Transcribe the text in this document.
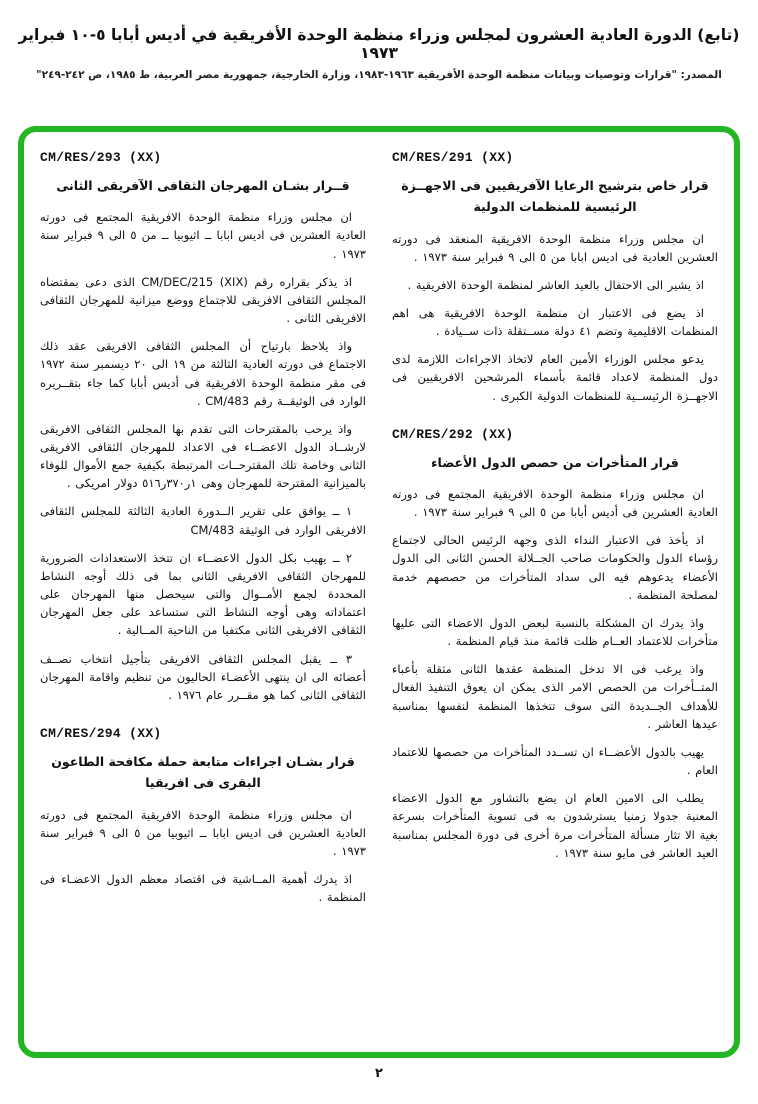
(تابع) الدورة العادية العشرون لمجلس وزراء منظمة الوحدة الأفريقية في أديس أبابا ٥-١٠ فبراير ١٩٧٣
المصدر: "قرارات وتوصيات وبيانات منظمة الوحدة الأفريقية ١٩٦٣-١٩٨٣، وزارة الخارجية، جمهورية مصر العربية، ط ١٩٨٥، ص ٢٤٢-٢٤٩"
CM/RES/291 (XX)
قرار خاص بترشيح الرعايا الآفريقيين فى الاجهــزة الرئيسية للمنظمات الدولية

ان مجلس وزراء منظمة الوحدة الافريقية المنعقد فى دورته العشرين العادية فى اديس ابابا من ٥ الى ٩ فبراير سنة ١٩٧٣ .

اذ يشير الى الاحتفال بالعيد العاشر لمنظمة الوحدة الافريقية .

اذ يضع فى الاعتبار ان منظمة الوحدة الافريقية هى اهم المنظمات الاقليمية وتضم ٤١ دولة مســتقلة ذات ســيادة .

يدعو مجلس الوزراء الأمين العام لاتخاذ الاجراءات اللازمة لدى دول المنظمة لاعداد قائمة بأسماء المرشحين الافريقيين فى الاجهــزة الرئيســية للمنظمات الدولية الكبرى .

CM/RES/292 (XX)
قرار المتأخرات من حصص الدول الأعضاء

ان مجلس وزراء منظمة الوحدة الافريقية المجتمع فى دورته العادية العشرين فى أديس أبابا من ٥ الى ٩ فبراير سنة ١٩٧٣ .

اذ يأخذ فى الاعتبار النداء الذى وجهه الرئيس الحالى لاجتماع رؤساء الدول والحكومات صاحب الجــلالة الحسن الثانى الى الدول الأعضاء يدعوهم فيه الى سداد المتأخرات من حصصهم خدمة لمصلحة المنظمة .

واذ يدرك ان المشكلة بالنسبة لبعض الدول الاعضاء التى عليها متأخرات للاعتماد العــام ظلت قائمة منذ قيام المنظمة .

واذ يرغب فى الا تدخل المنظمة عقدها الثانى مثقلة بأعباء المتــأخرات من الحصص الامر الذى يمكن ان يعوق التنفيذ الفعال للأهداف الجــديدة التى سوف تتخذها المنظمة لنفسها بمناسبة عيدها العاشر .

يهيب بالدول الأعضــاء ان تســدد المتأخرات من حصصها للاعتماد العام .

يطلب الى الامين العام ان يضع بالتشاور مع الدول الاعضاء المعنية جدولا زمنيا يسترشدون به فى تسوية المتأخرات بسرعة بغية الا تثار مسألة المتأخرات مرة أخرى فى دورة المجلس بمناسبة العيد العاشر فى مايو سنة ١٩٧٣ .

CM/RES/293 (XX)
قــرار بشـان المهرجان الثقافى الآفريقى الثانى

ان مجلس وزراء منظمة الوحدة الافريقية المجتمع فى دورته العادية العشرين فى اديس ابابا ــ اثيوبيا ــ من ٥ الى ٩ فبراير سنة ١٩٧٣ .

اذ يذكر بقراره رقم CM/DEC/215 (XIX) الذى دعى بمقتضاه المجلس الثقافى الافريقى للاجتماع ووضع ميزانية للمهرجان الثقافى الافريقى الثانى .

واذ يلاحظ بارتياح أن المجلس الثقافى الافريقى عقد ذلك الاجتماع فى دورته العادية الثالثة من ١٩ الى ٢٠ ديسمبر سنة ١٩٧٢ فى مقر منظمة الوحدة الافريقية فى أديس أبابا كما جاء بتقــريره الوارد فى الوثيقــة رقم CM/483 .

واذ يرحب بالمقترحات التى تقدم بها المجلس الثقافى الافريقى لارشــاد الدول الاعضــاء فى الاعداد للمهرجان الثقافى الافريقى الثانى وخاصة تلك المقترحــات المرتبطة بكيفية جمع الأموال للوفاء بالميزانية المقترحة للمهرجان وهى ١ر٣٧٠ر٥١٦ دولار امريكى .

١ ــ يوافق على تقرير الــدورة العادية الثالثة للمجلس الثقافى الافريقى الوارد فى الوثيقة CM/483

٢ ــ يهيب بكل الدول الاعضــاء ان تتخذ الاستعدادات الضرورية للمهرجان الثقافى الافريقى الثانى بما فى ذلك أوجه النشاط المحددة لجمع الأمــوال والتى سيحصل منها المهرجان على اعتماداته وهى أوجه النشاط التى ستساعد على جعل المهرجان الثقافى الافريقى الثانى مكتفيا من الناحية المــالية .

٣ ــ يقبل المجلس الثقافى الافريقى بتأجيل انتخاب نصــف أعضائه الى ان ينتهى الأعضـاء الحاليون من تنظيم واقامة المهرجان الثقافى الثانى كما هو مقــرر عام ١٩٧٦ .

CM/RES/294 (XX)
قرار بشـان اجراءات متابعة حملة مكافحة الطاعون البقرى فى افريقيا

ان مجلس وزراء منظمة الوحدة الافريقية المجتمع فى دورته العادية العشرين فى اديس ابابا ــ اثيوبيا من ٥ الى ٩ فبراير سنة ١٩٧٣ .

اذ يدرك أهمية المــاشية فى اقتصاد معظم الدول الاعضـاء فى المنظمة .

٢
